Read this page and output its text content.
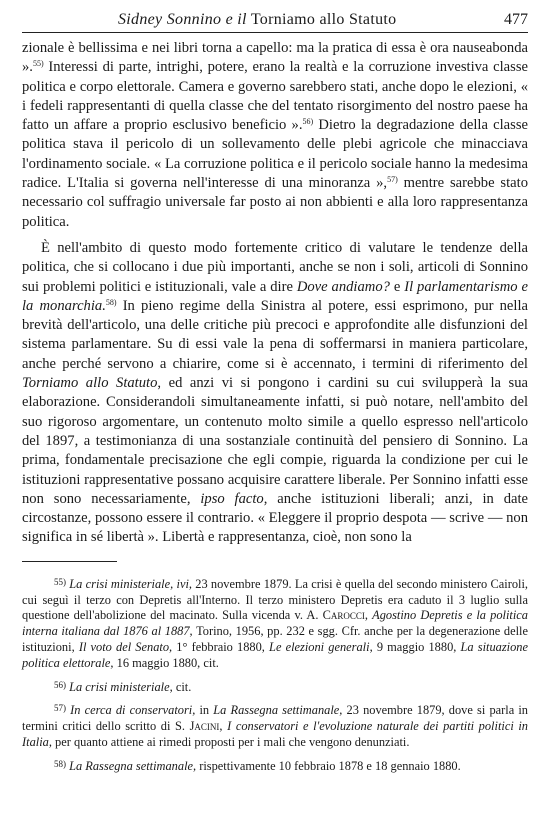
Sidney Sonnino e il Torniamo allo Statuto	477

zionale è bellissima e nei libri torna a capello: ma la pratica di essa è ora nauseabonda ».$^{55)}$ Interessi di parte, intrighi, potere, erano la realtà e la corruzione investiva classe politica e corpo elettorale. Camera e governo sarebbero stati, anche dopo le elezioni, « i fedeli rappresentanti di quella classe che del tentato risorgimento del nostro paese ha fatto un affare a proprio esclusivo beneficio ».$^{56)}$ Dietro la degradazione della classe politica stava il pericolo di un sollevamento delle plebi agricole che minacciava l'ordinamento sociale. « La corruzione politica e il pericolo sociale hanno la medesima radice. L'Italia si governa nell'interesse di una minoranza »,$^{57)}$ mentre sarebbe stato necessario col suffragio universale far posto ai non abbienti e alla loro rappresentanza politica.

È nell'ambito di questo modo fortemente critico di valutare le tendenze della politica, che si collocano i due più importanti, anche se non i soli, articoli di Sonnino sui problemi politici e istituzionali, vale a dire Dove andiamo? e Il parlamentarismo e la monarchia.$^{58)}$ In pieno regime della Sinistra al potere, essi esprimono, pur nella brevità dell'articolo, una delle critiche più precoci e approfondite alle disfunzioni del sistema parlamentare. Su di essi vale la pena di soffermarsi in maniera particolare, anche perché servono a chiarire, come si è accennato, i termini di riferimento del Torniamo allo Statuto, ed anzi vi si pongono i cardini su cui svilupperà la sua elaborazione. Considerandoli simultaneamente infatti, si può notare, nell'ambito del suo rigoroso argomentare, un contenuto molto simile a quello espresso nell'articolo del 1897, a testimonianza di una sostanziale continuità del pensiero di Sonnino. La prima, fondamentale precisazione che egli compie, riguarda la condizione per cui le istituzioni rappresentative possano acquisire carattere liberale. Per Sonnino infatti esse non sono necessariamente, ipso facto, anche istituzioni liberali; anzi, in date circostanze, possono essere il contrario. « Eleggere il proprio despota — scrive — non significa in sé libertà ». Libertà e rappresentanza, cioè, non sono la

$^{55)}$ La crisi ministeriale, ivi, 23 novembre 1879. La crisi è quella del secondo ministero Cairoli, cui seguì il terzo con Depretis all'Interno. Il terzo ministero Depretis era caduto il 3 luglio sulla questione dell'abolizione del macinato. Sulla vicenda v. A. Carocci, Agostino Depretis e la politica interna italiana dal 1876 al 1887, Torino, 1956, pp. 232 e sgg. Cfr. anche per la degenerazione delle istituzioni, Il voto del Senato, 1° febbraio 1880, Le elezioni generali, 9 maggio 1880, La situazione politica elettorale, 16 maggio 1880, cit.

$^{56)}$ La crisi ministeriale, cit.

$^{57)}$ In cerca di conservatori, in La Rassegna settimanale, 23 novembre 1879, dove si parla in termini critici dello scritto di S. Jacini, I conservatori e l'evoluzione naturale dei partiti politici in Italia, per quanto attiene ai rimedi proposti per i mali che vengono denunziati.

$^{58)}$ La Rassegna settimanale, rispettivamente 10 febbraio 1878 e 18 gennaio 1880.
